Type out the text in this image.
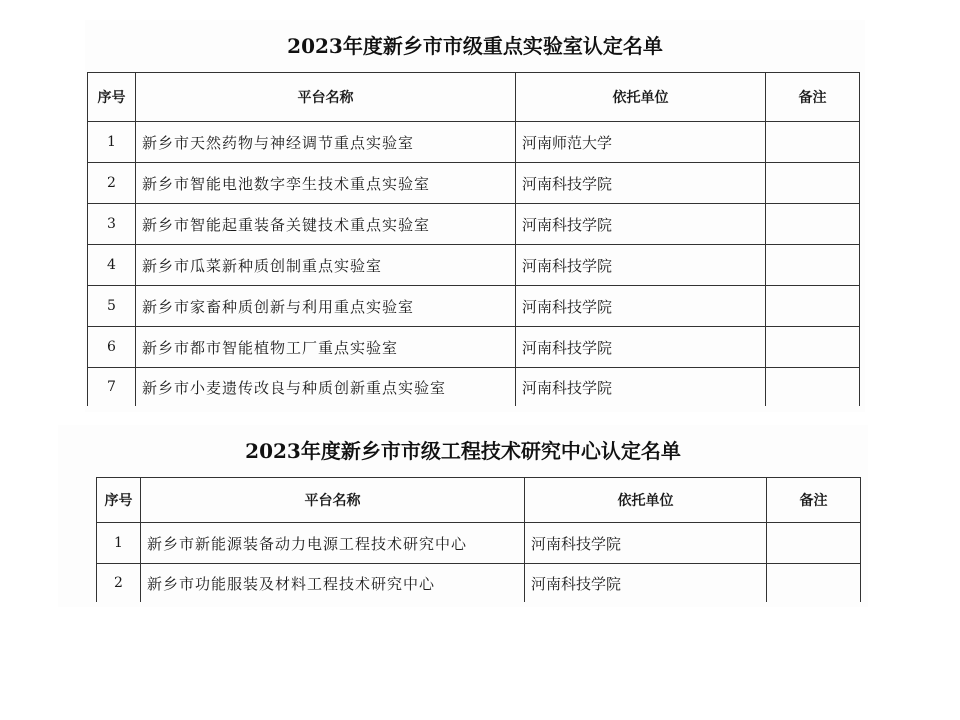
2023年度新乡市市级重点实验室认定名单
序号	平台名称	依托单位	备注
1	新乡市天然药物与神经调节重点实验室	河南师范大学	
2	新乡市智能电池数字孪生技术重点实验室	河南科技学院	
3	新乡市智能起重装备关键技术重点实验室	河南科技学院	
4	新乡市瓜菜新种质创制重点实验室	河南科技学院	
5	新乡市家畜种质创新与利用重点实验室	河南科技学院	
6	新乡市都市智能植物工厂重点实验室	河南科技学院	
7	新乡市小麦遗传改良与种质创新重点实验室	河南科技学院	
2023年度新乡市市级工程技术研究中心认定名单
序号	平台名称	依托单位	备注
1	新乡市新能源装备动力电源工程技术研究中心	河南科技学院	
2	新乡市功能服装及材料工程技术研究中心	河南科技学院	
